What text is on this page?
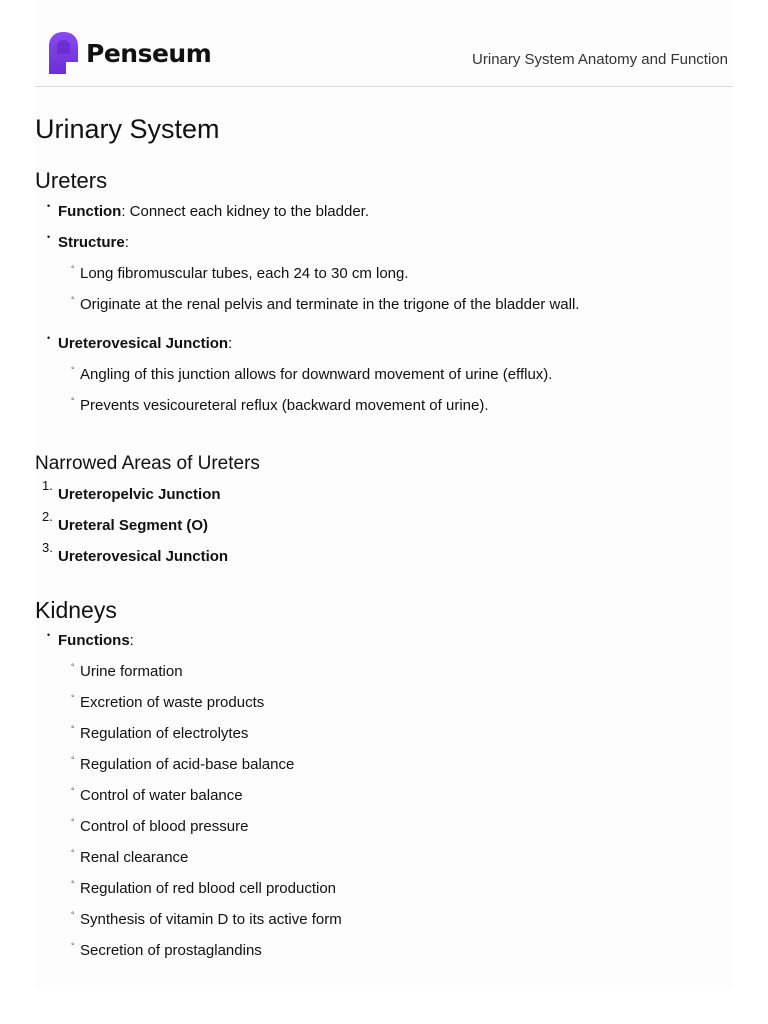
Penseum	Urinary System Anatomy and Function
Urinary System
Ureters
• Function: Connect each kidney to the bladder.
• Structure:
◦ Long fibromuscular tubes, each 24 to 30 cm long.
◦ Originate at the renal pelvis and terminate in the trigone of the bladder wall.
• Ureterovesical Junction:
◦ Angling of this junction allows for downward movement of urine (efflux).
◦ Prevents vesicoureteral reflux (backward movement of urine).
Narrowed Areas of Ureters
1.
Ureteropelvic Junction
2.
Ureteral Segment (O)
3.
Ureterovesical Junction
Kidneys
• Functions:
◦ Urine formation
◦ Excretion of waste products
◦ Regulation of electrolytes
◦ Regulation of acid-base balance
◦ Control of water balance
◦ Control of blood pressure
◦ Renal clearance
◦ Regulation of red blood cell production
◦ Synthesis of vitamin D to its active form
◦ Secretion of prostaglandins
